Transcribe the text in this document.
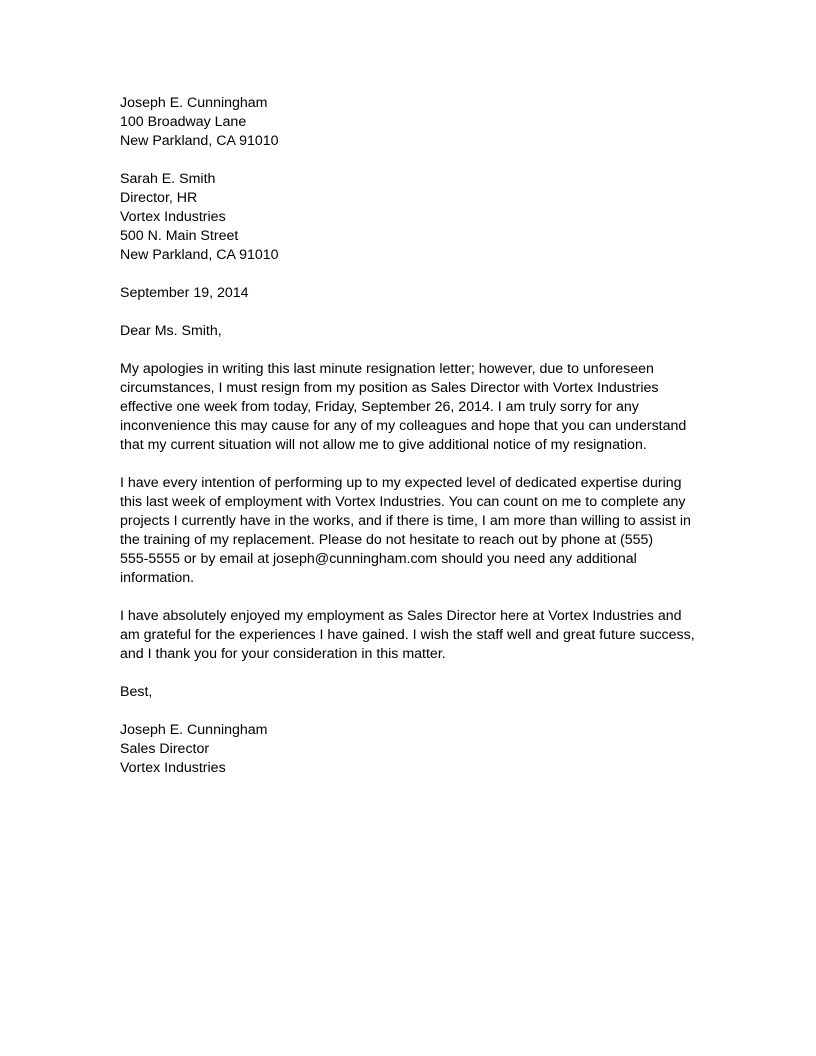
Joseph E. Cunningham
100 Broadway Lane
New Parkland, CA 91010
Sarah E. Smith
Director, HR
Vortex Industries
500 N. Main Street
New Parkland, CA 91010
September 19, 2014
Dear Ms. Smith,
My apologies in writing this last minute resignation letter; however, due to unforeseen
circumstances, I must resign from my position as Sales Director with Vortex Industries
effective one week from today, Friday, September 26, 2014. I am truly sorry for any
inconvenience this may cause for any of my colleagues and hope that you can understand
that my current situation will not allow me to give additional notice of my resignation.
I have every intention of performing up to my expected level of dedicated expertise during
this last week of employment with Vortex Industries. You can count on me to complete any
projects I currently have in the works, and if there is time, I am more than willing to assist in
the training of my replacement. Please do not hesitate to reach out by phone at (555)
555-5555 or by email at joseph@cunningham.com should you need any additional
information.
I have absolutely enjoyed my employment as Sales Director here at Vortex Industries and
am grateful for the experiences I have gained. I wish the staff well and great future success,
and I thank you for your consideration in this matter.
Best,
Joseph E. Cunningham
Sales Director
Vortex Industries
